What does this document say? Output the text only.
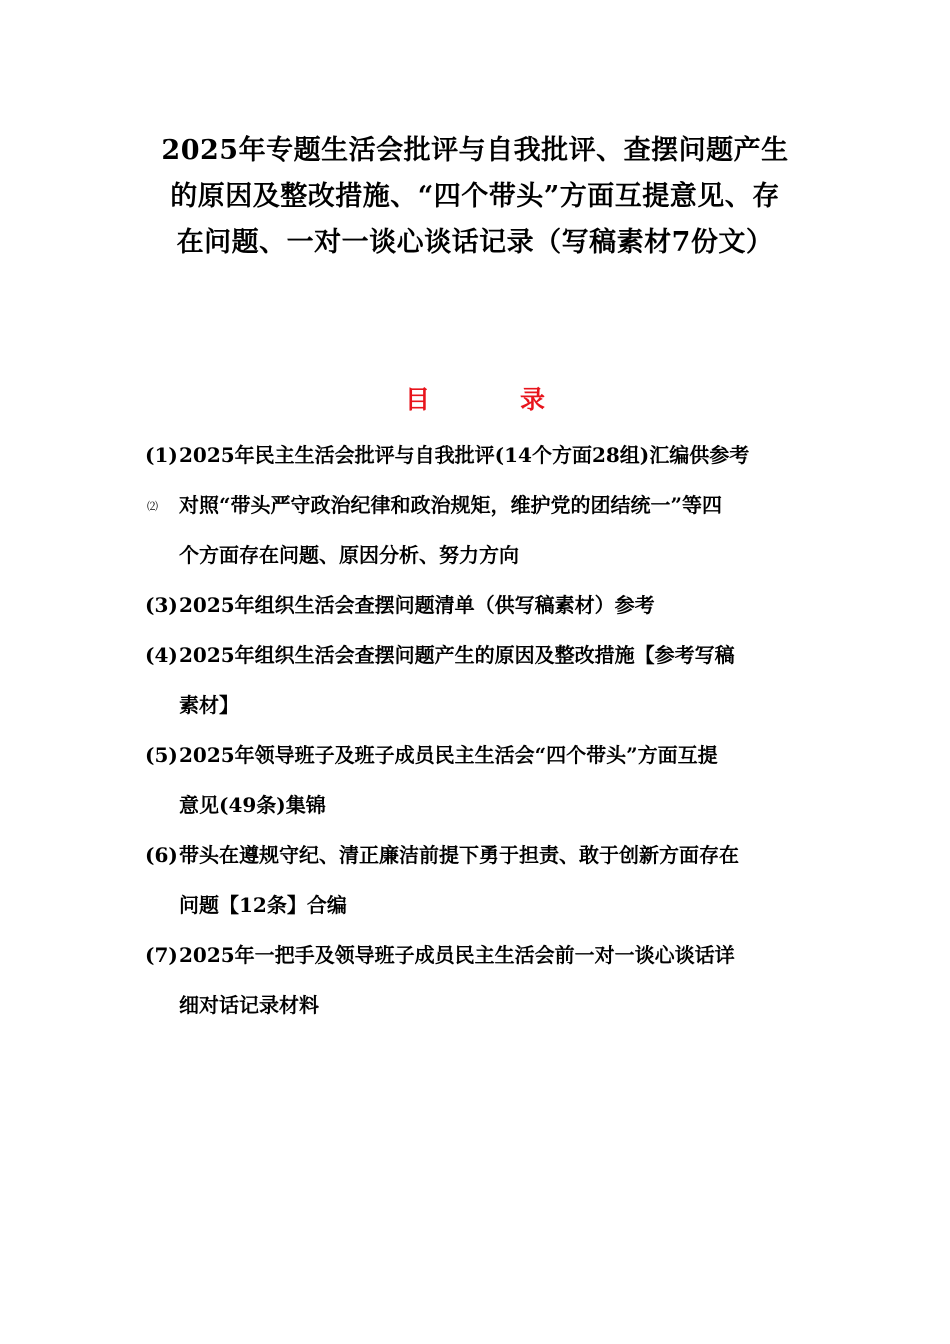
2025年专题生活会批评与自我批评、查摆问题产生
的原因及整改措施、“四个带头”方面互提意见、存
在问题、一对一谈心谈话记录（写稿素材7份文）
目	录
(1) 2025年民主生活会批评与自我批评(14个方面28组)汇编供参考
⑵ 对照“带头严守政治纪律和政治规矩，维护党的团结统一”等四
个方面存在问题、原因分析、努力方向
(3) 2025年组织生活会查摆问题清单（供写稿素材）参考
(4) 2025年组织生活会查摆问题产生的原因及整改措施【参考写稿
素材】
(5) 2025年领导班子及班子成员民主生活会“四个带头”方面互提
意见(49条)集锦
(6) 带头在遵规守纪、清正廉洁前提下勇于担责、敢于创新方面存在
问题【12条】合编
(7) 2025年一把手及领导班子成员民主生活会前一对一谈心谈话详
细对话记录材料
